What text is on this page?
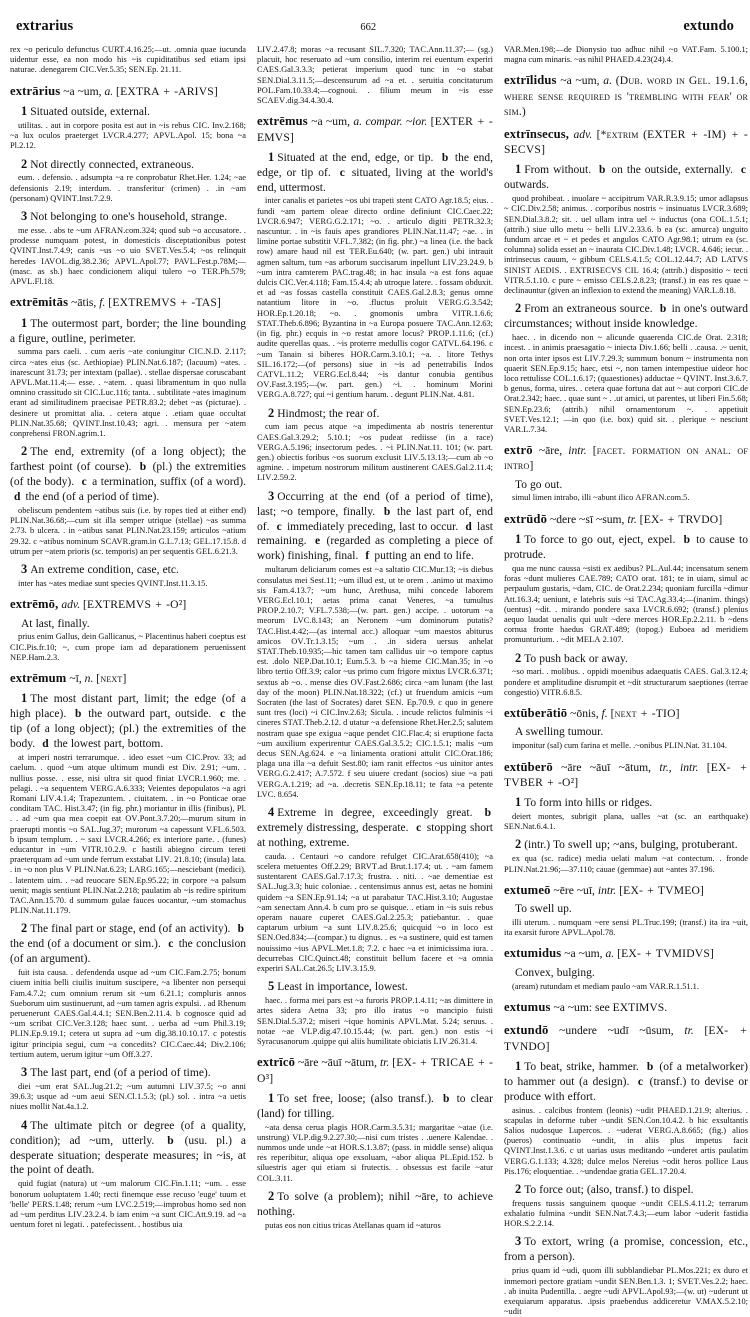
extrarius	662	extundo
rex ~o periculo defunctus CURT.4.16.25;—ut. .omnia quae iucunda uidentur esse, ea non modo his ~is cupiditatibus sed etiam ipsi naturae. .denegarem CIC.Ver.5.35; SEN.Ep. 21.11.
extrārius ~a ~um, a. [EXTRA + -ARIVS]
1 Situated outside, external.
utilitas. . aut in corpore posita est aut in ~is rebus CIC. Inv.2.168; ~a lux oculos praeterget LVCR.4.277; APVL.Apol. 15; bona ~a Pl.2.12.
2 Not directly connected, extraneous.
eum. . defensio. . adsumpta ~a re conprobatur Rhet.Her. 1.24; ~ae defensionis 2.19; interdum. . transferitur (crimen) . .in ~am (personam) QVINT.Inst.7.2.9.
3 Not belonging to one's household, strange.
me esse. . abs te ~um AFRAN.com.324; quod sub ~o accusatore. . prodesse numquam potest, in domesticis disceptationibus potest QVINT.Inst.7.4.9; canis ~us ~o uio SVET.Ves.5.4; ~os relinquit heredes IAVOL.dig.38.2.36; APVL.Apol.77; PAVL.Fest.p.78M;—(masc. as sb.) haec condicionem aliqui tulero ~o TER.Ph.579; APVL.Fl.18.
extrēmitās ~ātis, f. [EXTREMVS + -TAS]
1 The outermost part, border; the line bounding a figure, outline, perimeter.
summa pars caeli. . cum aeris ~ate coniungitur CIC.N.D. 2.117; circa ~ates eius (sc. Aethiopiae) PLIN.Nat.6.187; (lacuum) ~ates. . inarescunt 31.73; per intextam (pallae). . stellae dispersae coruscabant APVL.Mat.11.4;— esse. . ~atem. . quasi libramentum in quo nulla omnino crassitudo sit CIC.Luc.116; tanta. . subtilitate ~ates imaginum erant ad similitudinem praecisae PETR.83.2; debet ~as (picturae). . desinere ut promittat alia. . cetera atque . .etiam quae occultat PLIN.Nat.35.68; QVINT.Inst.10.43; agri. . mensura per ~atem conprehensi FRON.agrim.1.
2 The end, extremity (of a long object); the farthest point (of course). b (pl.) the extremities (of the body). c a termination, suffix (of a word). d the end (of a period of time).
obeliscum pendentem ~atibus suis (i.e. by ropes tied at either end) PLIN.Nat.36.68;—cum sit illa semper utrique (stellae) ~as summa 2.73. b ulcera. . in ~atibus sanat PLIN.Nat.23.159; articulos ~atium 29.32. c ~atibus nominum SCAVR.gram.in G.L.7.13; GEL.17.15.8. d utrum per ~atem prioris (sc. temporis) an per sequentis GEL.6.21.3.
3 An extreme condition, case, etc.
inter has ~ates mediae sunt species QVINT.Inst.11.3.15.
extrēmō, adv. [EXTREMVS + -O²]
At last, finally.
prius enim Gallus, dein Gallicanus, ~ Placentinus haberi coeptus est CIC.Pis.fr.10; ~, cum prope iam ad deparationem peruenissent NEP.Ham.2.3.
extrēmum ~ī, n. [next]
1 The most distant part, limit; the edge (of a high place). b the outward part, outside. c the tip (of a long object); (pl.) the extremities of the body. d the lowest part, bottom.
at imperi nostri terrarumque. . ideo esset ~um CIC.Prov. 33; ad caelum. . quod ~um atque ultimum mundi est Div. 2.91; ~um. . nullius posse. . esse, nisi ultra sit quod finiat LVCR.1.960; me. . pelagi. . ~a sequentem VERG.A.6.333; Veientes depopulatos ~a agri Romani LIV.4.1.4; Trapezuntem. . ciuitatem. . in ~o Ponticae orae conditam TAC. Hist.3.47; (in fig. phr.) moriantur in illis (finibus), Pl. . . ad ~um qua mea coepit eat OV.Pont.3.7.20;—murum situm in praerupti montis ~o SAL.Jug.37; murorum ~a capessunt V.FL.6.503. b ipsum templum. . ~ saxi LVCR.4.266; ex interiore parte. . (funes) educantur in ~um VITR.10.2.9. c hastili abiegno circum tereti praeterquam ad ~um unde ferrum exstabat LIV. 21.8.10; (insula) lata. . in ~o non plus V PLIN.Nat.6.23; LARG.165;—nesciebant (medici). . latentem uim. . ~ad reuocare SEN.Ep.95.22; in corpore ~a palsum uenit; magis sentiunt PLIN.Nat.2.218; paulatim ab ~is redire spiritum TAC.Ann.15.70. d summum gulae fauces uocantur, ~um stomachus PLIN.Nat.11.179.
2 The final part or stage, end (of an activity). b the end (of a document or sim.). c the conclusion (of an argument).
fuit ista causa. . defendenda usque ad ~um CIC.Fam.2.75; bonum ciuem initia belli ciuilis inuitum suscipere, ~a libenter non persequi Fam.4.7.2; cum omnium rerum sit ~um 6.21.1; compluris annos Sueborum uim sustinuerunt, ad ~um tamen agris expulsi. . ad Rhenum peruenerunt CAES.Gal.4.4.1; SEN.Ben.2.11.4. b cognosce quid ad ~um scribat CIC.Ver.3.128; haec sunt. . uerba ad ~um Phil.3.19; PLIN.Ep.9.19.1; cetera ut supra ad ~um dig.38.10.10.17. c potestis igitur principia segui, cum ~a concedits? CIC.Caec.44; Div.2.106; tertium autem, uerum igitur ~um Off.3.27.
3 The last part, end (of a period of time).
diei ~um erat SAL.Jug.21.2; ~um autumni LIV.37.5; ~o anni 39.6.3; usque ad ~um aeui SEN.Cl.1.5.3; (pl.) sol. . intra ~a uetis niues mollit Nat.4a.1.2.
4 The ultimate pitch or degree (of a quality, condition); ad ~um, utterly. b (usu. pl.) a desperate situation; desperate measures; in ~is, at the point of death.
quid fugiat (natura) ut ~um malorum CIC.Fin.1.11; ~um. . esse bonorum uoluptatem 1.40; recti finemque esse recuso 'euge' tuum et 'belle' PERS.1.48; rerum ~um LVC.2.519;—improbus homo sed non ad ~um perditus LIV.23.2.4. b iam enim ~a sunt CIC.Att.9.19. ad ~a uentum foret ni legati. . patefecissent. . hostibus uia
LIV.2.47.8; moras ~a recusant SIL.7.320; TAC.Ann.11.37;— (sg.) placuit, hoc reseruato ad ~um consilio, interim rei euentum experiri CAES.Gal.3.3.3; petierat imperium quod tunc in ~o stabat SEN.Dial.3.11.5;—descensurum ad ~a et. . seruitia concitaturum POL.Fam.10.33.4;—cognoui. . filium meum in ~is esse SCAEV.dig.34.4.30.4.
extrēmus ~a ~um, a. compar. ~ior. [EXTER + -EMVS]
1 Situated at the end, edge, or tip. b the end, edge, or tip of. c situated, living at the world's end, uttermost.
inter canalis et parietes ~os ubi trapeti stent CATO Agr.18.5; eius. . fundi ~am partem oleae directo ordine definiunt CIC.Caec.22; LVCR.6.947; VERG.G.2.171; ~o. . articulo digiti PETR.32.3; nascuntur. . in ~is fauis apes grandiores PLIN.Nat.11.47; ~ae. . in limine portae substitit V.FL.7.382; (in fig. phr.) ~a linea (i.e. the back row) amare haud nil est TER.Eu.640; (w. part. gen.) ubi intrauit agmen saltum, tum ~as arborum succisarum inpellunt LIV.23.24.9. b ~um intra camterem PAC.trag.48; in hac insula ~a est fons aquae dulcis CIC.Ver.4.118; Fam.15.4.4; ab utroque latere. . fossam obduxit. et ad ~as fossas castella constituit CAES.Gal.2.8.3; genus omne natantium litore in ~o. .fluctus proluit VERG.G.3.542; HOR.Ep.1.20.18; ~o. . gnomonis umbra VITR.1.6.6; STAT.Theb.6.896; Byzantina in ~a Europa posuere TAC.Ann.12.63; (in fig. phr.) ecquis in ~o restat amore locus? PROP.1.11.6; (cf.) audite querellas quas. . ~is proterre medullis cogor CATVL.64.196. c ~um Tanain si biberes HOR.Carm.3.10.1; ~a. . litore Tethys SIL.16.172;—(of persons) siue in ~is ad penetrabilis Indos CATVL.11.2; VERG.Ecl.8.44; ~is dantur conubia gentibus OV.Fast.3.195;—(w. part. gen.) ~i. . hominum Morini VERG.A.8.727; qui ~i gentium harum. . degunt PLIN.Nat. 4.81.
2 Hindmost; the rear of.
cum iam pecus atque ~a impedimenta ab nostris tenerentur CAES.Gal.3.29.2; 5.10.1; ~os pudeat rediisse (in a race) VERG.A.5.196; insectorum pedes. . ~i PLIN.Nat.11. 101; (w. part. gen.) obiectis foribus ~os suorum exclusit LIV.5.13.13;—cum ab ~o agmine. . impetum nostrorum militum austinerent CAES.Gal.2.11.4; LIV.2.59.2.
3 Occurring at the end (of a period of time), last; ~o tempore, finally. b the last part of, end of. c immediately preceding, last to occur. d last remaining. e (regarded as completing a piece of work) finishing, final. f putting an end to life.
multarum deliciarum comes est ~a saltatio CIC.Mur.13; ~is diebus consulatus mei Sest.11; ~um illud est, ut te orem . .animo ut maximo sis Fam.4.13.7; ~um hunc, Arethusa, mihi concede laborem VERG.Ecl.10.1; aetas prima canat Veneres, ~a tumultus PROP.2.10.7; V.FL.7.538;—(w. part. gen.) accipe. . uotorum ~a meorum LVC.8.143; an Neronem ~um dominorum putatis? TAC.Hist.4.42;—(as internal acc.) alloquar ~um maestos abiturus amicos OV.Tr.1.3.15; ~um . .in sidera uersus anhelat STAT.Theb.10.935;—hic tamen tam callidus uir ~o tempore captus est. .dolo NEP.Dat.10.1; Eum.5.3. b ~a hieme CIC.Man.35; in ~o libro tertio Off.3.9; calor ~us primo cum frigore mixtus LVCR.6.371; sextus ab ~o. . mense dies OV.Fast.2.686; circa ~am lunam (the last day of the moon) PLIN.Nat.18.322; (cf.) ut fruendum amicis ~um Socraten (the last of Socrates) daret SEN. Ep.70.9. c quo in genere sunt tres (loci) ~i CIC.Inv.2.63; Sicula. . incude relictos fulminis ~i cineres STAT.Theb.2.12. d utatur ~a defensione Rhet.Her.2.5; salutem nostram quae spe exigua ~aque pendet CIC.Flac.4; si eruptione facta ~um auxilium experirentur CAES.Gal.3.5.2; CIC.1.5.1; malis ~um decus SEN.Ag.624. e ~a liniamenta orationi attulit CIC.Orat.186; plaga una illa ~a defuit Sest.80; iam ranit effectos ~us uinitor antes VERG.G.2.417; A.7.572. f seu uiuere credant (socios) siue ~a pati VERG.A.1.219; ad ~a. .decretis SEN.Ep.18.11; te fata ~a petente LVC. 8.654.
4 Extreme in degree, exceedingly great. b extremely distressing, desperate. c stopping short at nothing, extreme.
cauda. . Centauri ~o candore refulget CIC.Arat.658(410); ~a scelera metuentes Off.2.29; BRVT.ad Brut.1.17.4; ut. . ~am famem sustentarent CAES.Gal.7.17.3; frustra. . niti. . ~ae dementiae est SAL.Jug.3.3; huic coloniae. . centensimus annus est, aetas ne homini quidem ~a SEN.Ep.91.14; ~a ut parabatur TAC.Hist.3.10; Augustae ~am senectam Ann.4. b cum pro se quisque. . etiam in ~is suis rebus operam nauare cuperet CAES.Gal.2.25.3; patiebantur. . quae captarum urbium ~a sunt LIV.8.25.6; quicquid ~o in loco est SEN.Oed.834;—(compar.) tu dignus. . es ~a sustinere, quid est tamen nouissimo ~ius APVL.Met.1.8; 7.2. c haec ~a et inimicissima iura. . decurrebas CIC.Quinct.48; constituit bellum facere et ~a omnia experiri SAL.Cat.26.5; LIV.3.15.9.
5 Least in importance, lowest.
haec. . forma mei pars est ~a furoris PROP.1.4.11; ~as dimittere in artes sidera Aetna 33; pro illo iratus ~o mancipio fuisti SEN.Dial.5.37.2; miseri ~ique hominis APVL.Mat. 5.24; seruus. . notae ~ae VLP.dig.47.10.15.44; (w. part. gen.) non estis ~i Syracusanorum .quippe qui aliis humilitate obiciatis LIV.26.31.4.
extrīcō ~āre ~āuī ~ātum, tr. [EX- + TRICAE + -O³]
1 To set free, loose; (also transf.). b to clear (land) for tilling.
~ata densa cerua plagis HOR.Carm.3.5.31; margaritae ~atae (i.e. unstrung) VLP.dig.9.2.27.30;—nisi cum tristes . .uenere Kalendae. . nummos unde unde ~at HOR.S.1.3.87; (pass. in middle sense) aliqua res reperibitur, aliqua ope exsoluam, ~abor aliqua PL.Epid.152. b siluestris ager qui etiam si frutectis. . obsessus est facile ~atur COL.3.11.
2 To solve (a problem); nihil ~āre, to achieve nothing.
putas eos non citius tricas Atellanas quam id ~aturos
VAR.Men.198;—de Dionysio tuo adhuc nihil ~o VAT.Fam. 5.100.1; magna cum minaris. ~as nihil PHAED.4.23(24).4.
extrīlidus ~a ~um, a. (Dub. word in Gel. 19.1.6, where sense required is 'trembling with fear' or sim.)
extrīnsecus, adv. [*extrim (EXTER + -IM) + -SECVS]
1 From without. b on the outside, externally. c outwards.
quod prohibeat. . inuolare ~ accipitrum VAR.R.3.9.15; umor adlapsus ~ CIC.Div.2.58; animus. . corporibus nostris ~ insinuatus LVCR.3.689; SEN.Dial.3.8.2; sit. . uel ullam intra uel ~ inductus (ona COL.1.5.1; (attrib.) siue ullo metu ~ belli LIV.2.33.6. b ea (sc. amurca) unguito fundum arcae et ~ et pedes et angulos CATO Agr.98.1; utrum ea (sc. columna) solida esset an ~ inaurata CIC.Div.1.48; LVCR. 4.646; iecur. . intrinsecus cauum, ~ gibbum CELS.4.1.5; COL.12.44.7; AD LATVS SINIST AEDIS. . EXTRISECVS CIL 16.4; (attrib.) dispositio ~ tecti VITR.5.1.10. c pure ~ emisso CELS.2.8.23; (transf.) in eas res quae ~ declinauntur (given an inflexion to extend the meaning) VAR.L.8.18.
2 From an extraneous source. b in one's outward circumstances; without inside knowledge.
haec. . in dicendo non ~ alicunde quaerenda CIC.de Orat. 2.318; incest. . in animis praesagatio ~ iniecta Div.1.66; belli . .causa. .~ uenit, non orta inter ipsos est LIV.7.29.3; summum bonum ~ instrumenta non quaerit SEN.Ep.9.15; haec, etsi ~, non tamen intempestiue uideor hoc loco rettulisse COL.1.6.17; (quaestiones) adductae ~ QVINT. Inst.3.6.7. b genus, forma, uires. . cetera quae fortuna dat aut ~ aut corpori CIC.de Orat.2.342; haec. . quae sunt ~ . .ut amici, ut parentes, ut liberi Fin.5.68; SEN.Ep.23.6; (attrib.) nihil ornamentorum ~. . appetiuit SVET.Ves.12.1; —in quo (i.e. box) quid sit. . plerique ~ nesciunt VAR.L.7.34.
extrō ~āre, intr. [facet. formation on anal. of intro]
To go out.
simul limen intrabo, illi ~abunt ilico AFRAN.com.5.
extrūdō ~dere ~sī ~sum, tr. [EX- + TRVDO]
1 To force to go out, eject, expel. b to cause to protrude.
qua me nunc caussa ~sisti ex aedibus? PL.Aul.44; incensatum senem foras ~dunt mulieres CAE.789; CATO orat. 181; te in uiam, simul ac perpaulum gustaris, ~dam, CIC. de Orat.2.234; quoniam furcilla ~dimur Att.16.3.4; ueniunt, e latebris suis ~si TAC.Ag.33.4;—(inanim. things) (uentus) ~dit. . mirando pondere saxa LVCR.6.692; (transf.) plenius aequo laudat uenalis qui uult ~dere merces HOR.Ep.2.2.11. b ~dens cornua fronte haedus GRAT.489; (topog.) Euboea ad meridiem promunturium. . ~dit MELA 2.107.
2 To push back or away.
~so mari. . molibus. . oppidi moenibus adaequatis CAES. Gal.3.12.4; pondere et amplitudine disrumpit et ~dit structurarum saeptiones (terrae congestio) VITR.6.8.5.
extūberātiō ~ōnis, f. [next + -TIO]
A swelling tumour.
imponitur (sal) cum farina et melle. .~onibus PLIN.Nat. 31.104.
extūberō ~āre ~āuī ~ātum, tr., intr. [EX- + TVBER + -O²]
1 To form into hills or ridges.
deiert montes, subrigit plana, ualles ~at (sc. an earthquake) SEN.Nat.6.4.1.
2 (intr.) To swell up; ~ans, bulging, protuberant.
ex qua (sc. radice) media uelati malum ~at contectum. . fronde PLIN.Nat.21.96;—37.110; cauae (gemmae) aut ~antes 37.196.
extumeō ~ēre ~uī, intr. [EX- + TVMEO]
To swell up.
illi uterum. . numquam ~ere sensi PL.Truc.199; (transf.) ita ira ~uit, ita exarsit furore APVL.Apol.78.
extumidus ~a ~um, a. [EX- + TVMIDVS]
Convex, bulging.
(aream) rutundam et mediam paulo ~am VAR.R.1.51.1.
extumus ~a ~um: see EXTIMVS.
extundō ~undere ~udī ~ūsum, tr. [EX- + TVNDO]
1 To beat, strike, hammer. b (of a metalworker) to hammer out (a design). c (transf.) to devise or produce with effort.
asinus. . calcibus frontem (leonis) ~udit PHAED.1.21.9; alterius. . scapulas in deforme tuber ~undit SEN.Con.10.4.2. b hic exsultantis Salios nudosque Lupercos. . ~uderat VERG.A.8.665; (fig.) alios (pueros) continuatio ~undit, in aliis plus impetus facit QVINT.Inst.1.3.6. c ut uarias usus meditando ~underet artis paulatim VERG.G.1.133; 4.328; dulce melos Nereius ~odit heros pollice Laus Pis.176; eloquentiae. . ~undendae gratia GEL.17.20.4.
2 To force out; (also, transf.) to dispel.
frequens tussis sanguinem quoque ~undit CELS.4.11.2; terrarum exhalatio fulmina ~undit SEN.Nat.7.4.3;—eum labor ~uderit fastidia HOR.S.2.2.14.
3 To extort, wring (a promise, concession, etc., from a person).
prius quam id ~udi, quom illi subblandiebar PL.Mos.221; ex duro et inmemori pectore gratiam ~undit SEN.Ben.1.3. 1; SVET.Ves.2.2; haec. . ab inuita Pudentilla. . aegre ~udi APVL.Apol.93;—(w. ut) ~uderunt ut exequiarum apparatus. .ipsis praebendus addiceretur V.MAX.5.2.10; ~udit
